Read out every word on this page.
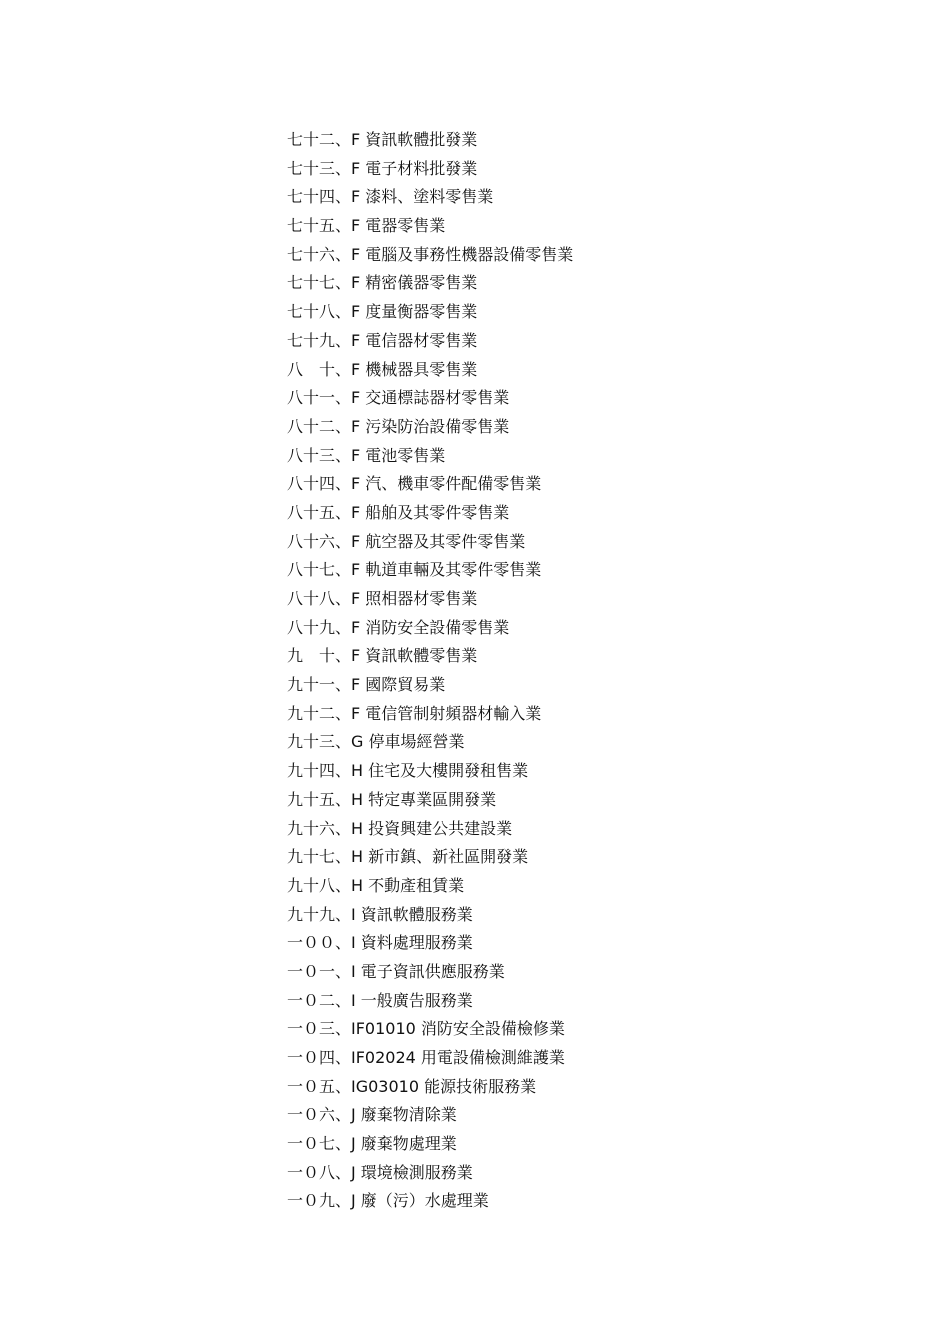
七十二、F 資訊軟體批發業
七十三、F 電子材料批發業
七十四、F 漆料、塗料零售業
七十五、F 電器零售業
七十六、F 電腦及事務性機器設備零售業
七十七、F 精密儀器零售業
七十八、F 度量衡器零售業
七十九、F 電信器材零售業
八　十、F 機械器具零售業
八十一、F 交通標誌器材零售業
八十二、F 污染防治設備零售業
八十三、F 電池零售業
八十四、F 汽、機車零件配備零售業
八十五、F 船舶及其零件零售業
八十六、F 航空器及其零件零售業
八十七、F 軌道車輛及其零件零售業
八十八、F 照相器材零售業
八十九、F 消防安全設備零售業
九　十、F 資訊軟體零售業
九十一、F 國際貿易業
九十二、F 電信管制射頻器材輸入業
九十三、G 停車場經營業
九十四、H 住宅及大樓開發租售業
九十五、H 特定專業區開發業
九十六、H 投資興建公共建設業
九十七、H 新市鎮、新社區開發業
九十八、H 不動產租賃業
九十九、I 資訊軟體服務業
一００、I 資料處理服務業
一０一、I 電子資訊供應服務業
一０二、I 一般廣告服務業
一０三、IF01010 消防安全設備檢修業
一０四、IF02024 用電設備檢測維護業
一０五、IG03010 能源技術服務業
一０六、J 廢棄物清除業
一０七、J 廢棄物處理業
一０八、J 環境檢測服務業
一０九、J 廢（污）水處理業
